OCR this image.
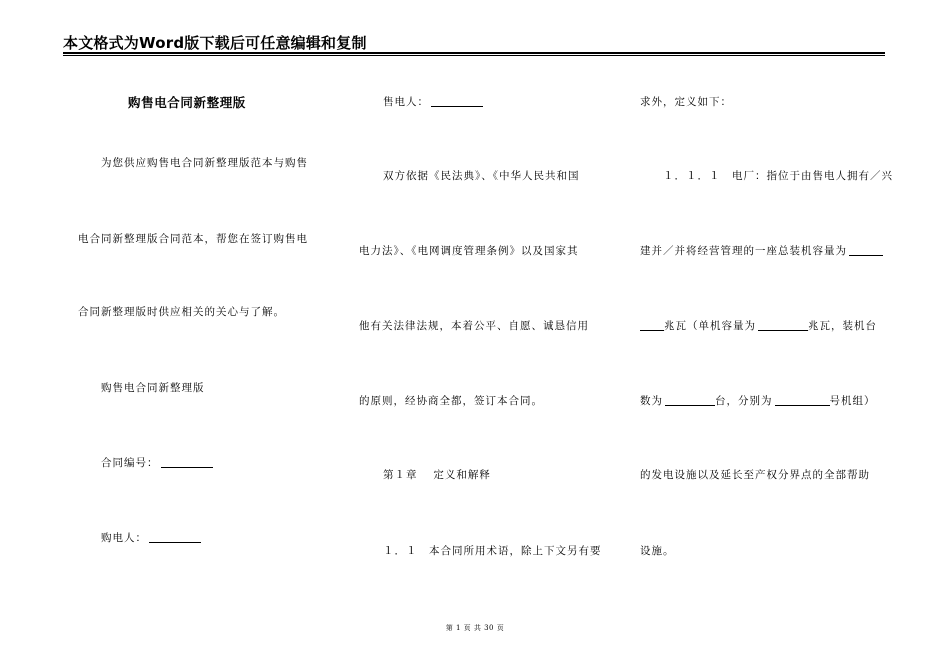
本文格式为Word版下载后可任意编辑和复制
购售电合同新整理版
为您供应购售电合同新整理版范本与购售
电合同新整理版合同范本，帮您在签订购售电
合同新整理版时供应相关的关心与了解。
购售电合同新整理版
合同编号：
购电人：
售电人：
双方依据《民法典》、《中华人民共和国
电力法》、《电网调度管理条例》以及国家其
他有关法律法规，本着公平、自愿、诚恳信用
的原则，经协商全都，签订本合同。
第１章　 定义和解释
１．１　本合同所用术语，除上下文另有要
求外，定义如下：
１．１．１　电厂：指位于由售电人拥有／兴
建并／并将经营管理的一座总装机容量为
兆瓦（单机容量为	兆瓦，装机台
数为	台，分别为	号机组）
的发电设施以及延长至产权分界点的全部帮助
设施。
第 1 页 共 30 页
